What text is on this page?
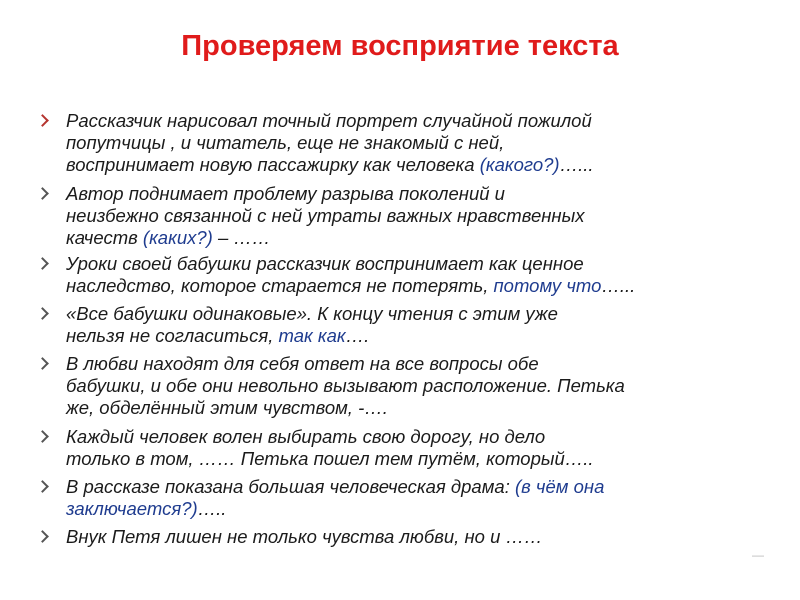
Проверяем восприятие текста
Рассказчик нарисовал точный портрет случайной пожилой
попутчицы , и читатель, еще не знакомый с ней,
воспринимает новую пассажирку как человека (какого?)…...
Автор поднимает проблему разрыва поколений и
неизбежно связанной с ней утраты важных нравственных
качеств (каких?) – ……
Уроки своей бабушки рассказчик воспринимает как ценное
наследство, которое старается не потерять, потому что…...
«Все бабушки одинаковые». К концу чтения с этим уже
нельзя не согласиться, так как….
В любви находят для себя ответ на все вопросы обе
бабушки, и обе они невольно вызывают расположение. Петька
же, обделённый этим чувством, -….
Каждый человек волен выбирать свою дорогу, но дело
только в том, …… Петька пошел тем путём, который…..
В рассказе показана большая человеческая драма: (в чём она
заключается?)…..
Внук Петя лишен не только чувства любви, но и ……
—
